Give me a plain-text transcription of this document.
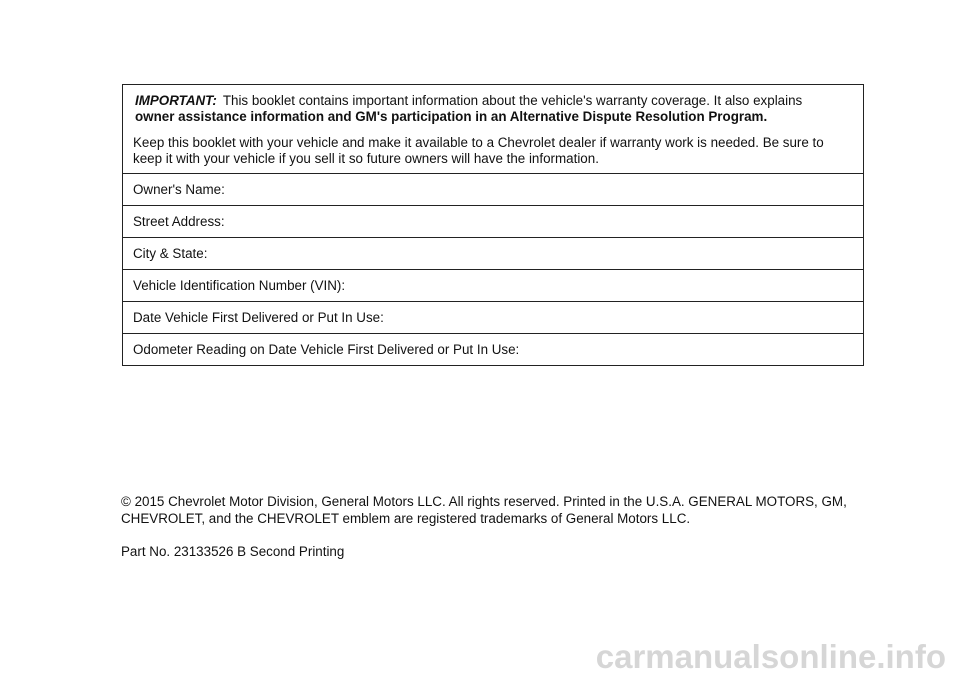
IMPORTANT: This booklet contains important information about the vehicle's warranty coverage. It also explains
owner assistance information and GM's participation in an Alternative Dispute Resolution Program.

Keep this booklet with your vehicle and make it available to a Chevrolet dealer if warranty work is needed. Be sure to keep it with your vehicle if you sell it so future owners will have the information.

Owner's Name:
Street Address:
City & State:
Vehicle Identification Number (VIN):
Date Vehicle First Delivered or Put In Use:
Odometer Reading on Date Vehicle First Delivered or Put In Use:

© 2015 Chevrolet Motor Division, General Motors LLC. All rights reserved. Printed in the U.S.A. GENERAL MOTORS, GM, CHEVROLET, and the CHEVROLET emblem are registered trademarks of General Motors LLC.

Part No. 23133526 B Second Printing

carmanualsonline.info
